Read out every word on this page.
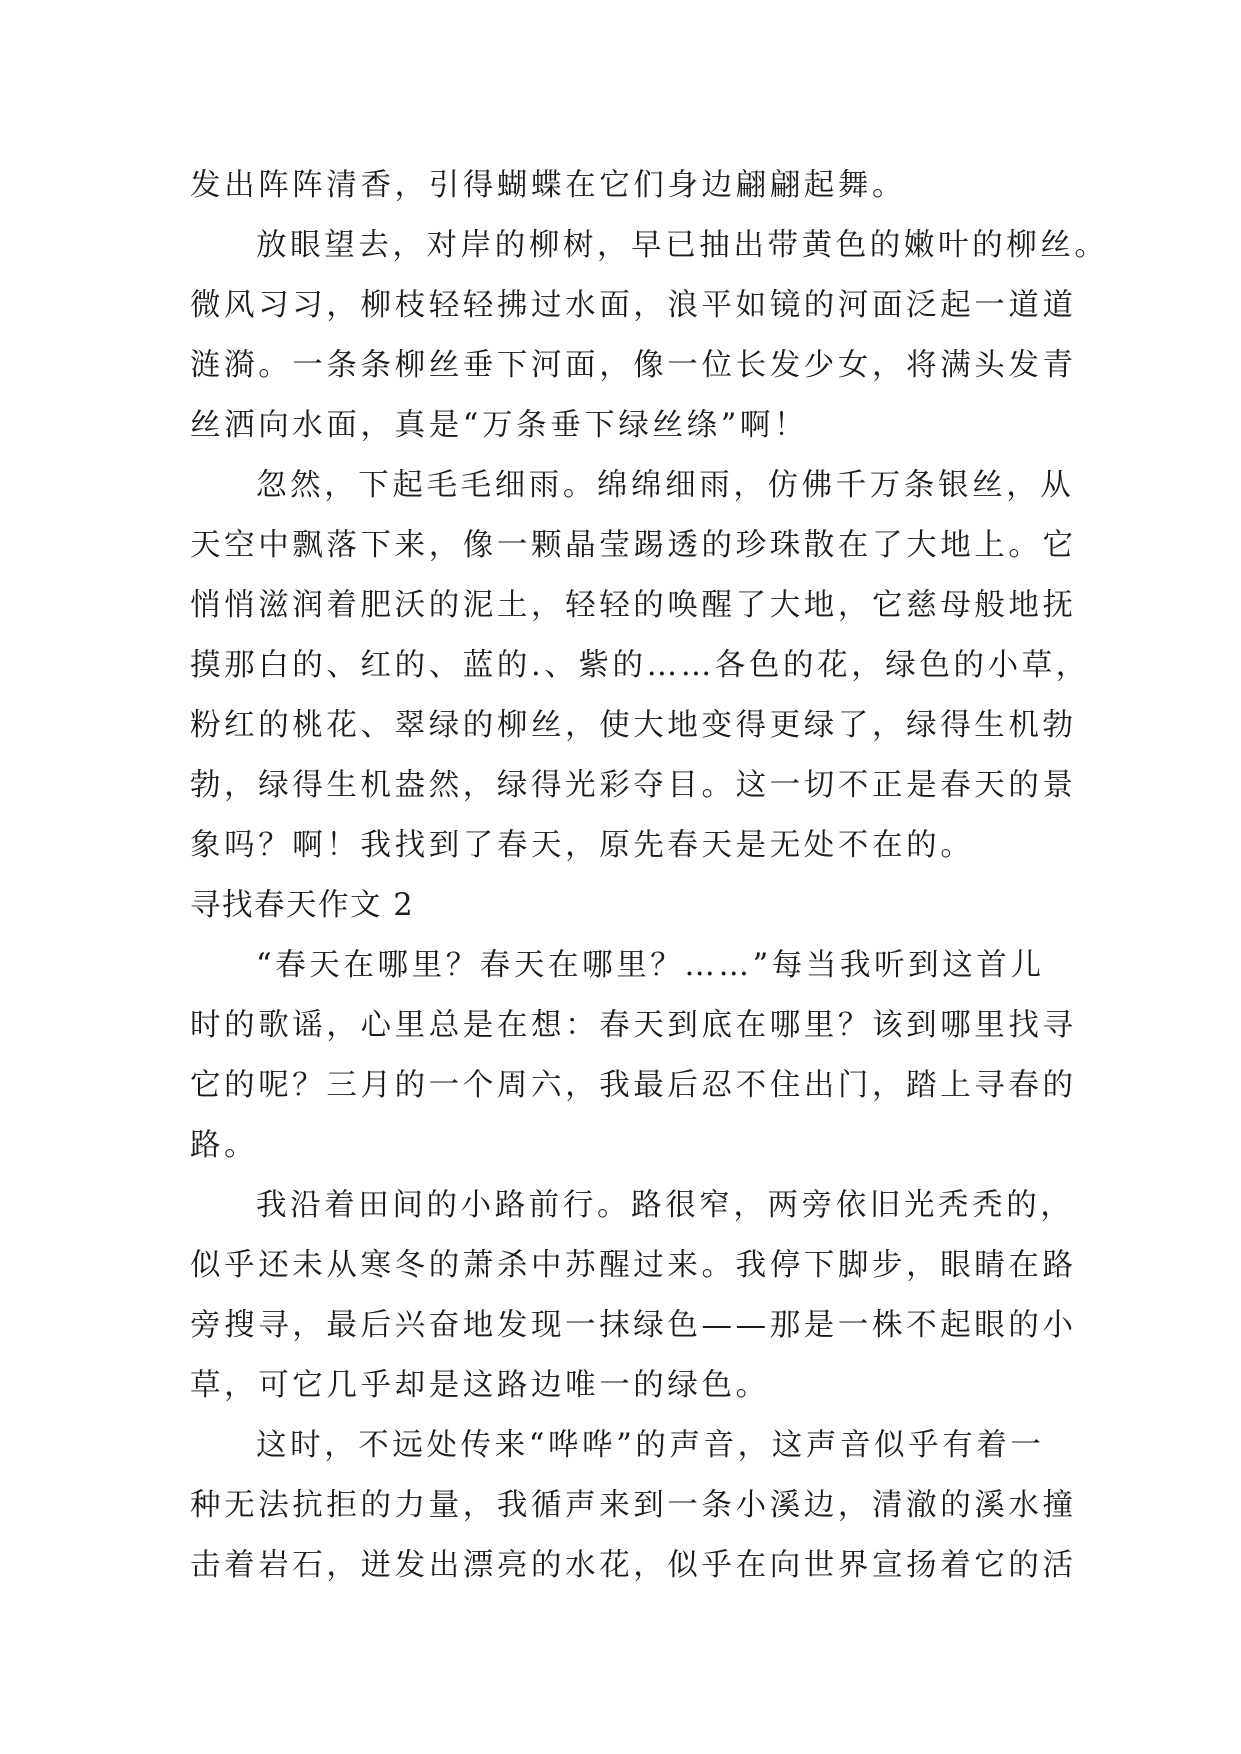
发出阵阵清香，引得蝴蝶在它们身边翩翩起舞。
放眼望去，对岸的柳树，早已抽出带黄色的嫩叶的柳丝。
微风习习，柳枝轻轻拂过水面，浪平如镜的河面泛起一道道
涟漪。一条条柳丝垂下河面，像一位长发少女，将满头发青
丝洒向水面，真是“万条垂下绿丝绦”啊！
忽然，下起毛毛细雨。绵绵细雨，仿佛千万条银丝，从
天空中飘落下来，像一颗晶莹踢透的珍珠散在了大地上。它
悄悄滋润着肥沃的泥土，轻轻的唤醒了大地，它慈母般地抚
摸那白的、红的、蓝的.、紫的……各色的花，绿色的小草，
粉红的桃花、翠绿的柳丝，使大地变得更绿了，绿得生机勃
勃，绿得生机盎然，绿得光彩夺目。这一切不正是春天的景
象吗？啊！我找到了春天，原先春天是无处不在的。
寻找春天作文 2
“春天在哪里？春天在哪里？……”每当我听到这首儿
时的歌谣，心里总是在想：春天到底在哪里？该到哪里找寻
它的呢？三月的一个周六，我最后忍不住出门，踏上寻春的
路。
我沿着田间的小路前行。路很窄，两旁依旧光秃秃的，
似乎还未从寒冬的萧杀中苏醒过来。我停下脚步，眼睛在路
旁搜寻，最后兴奋地发现一抹绿色——那是一株不起眼的小
草，可它几乎却是这路边唯一的绿色。
这时，不远处传来“哗哗”的声音，这声音似乎有着一
种无法抗拒的力量，我循声来到一条小溪边，清澈的溪水撞
击着岩石，迸发出漂亮的水花，似乎在向世界宣扬着它的活
